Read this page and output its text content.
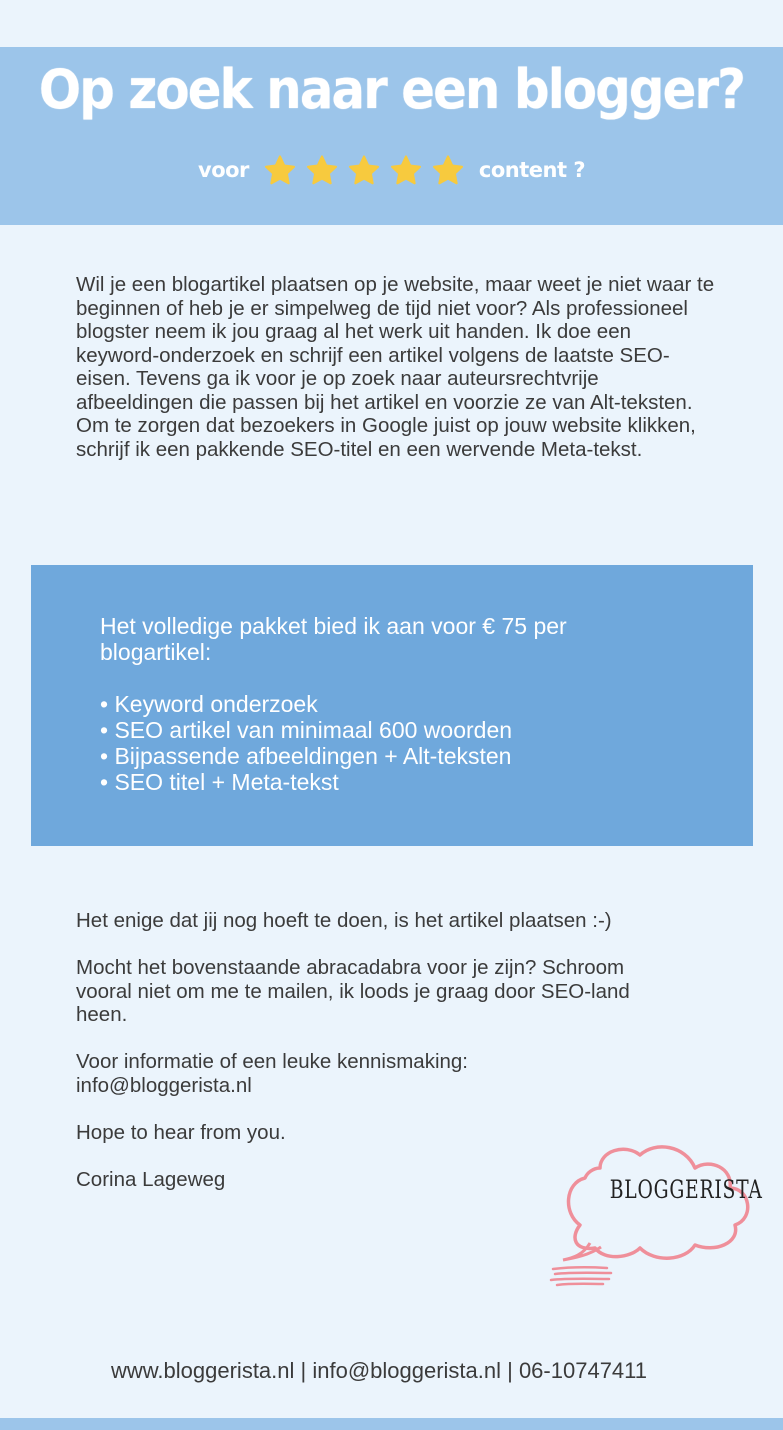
Op zoek naar een blogger?
voor	content ?
Wil je een blogartikel plaatsen op je website, maar weet je niet waar te beginnen of heb je er simpelweg de tijd niet voor? Als professioneel blogster neem ik jou graag al het werk uit handen. Ik doe een keyword-onderzoek en schrijf een artikel volgens de laatste SEO-eisen. Tevens ga ik voor je op zoek naar auteursrechtvrije afbeeldingen die passen bij het artikel en voorzie ze van Alt-teksten. Om te zorgen dat bezoekers in Google juist op jouw website klikken, schrijf ik een pakkende SEO-titel en een wervende Meta-tekst.
Het volledige pakket bied ik aan voor € 75 per blogartikel:
• Keyword onderzoek
• SEO artikel van minimaal 600 woorden
• Bijpassende afbeeldingen + Alt-teksten
• SEO titel + Meta-tekst

Het enige dat jij nog hoeft te doen, is het artikel plaatsen :-)

Mocht het bovenstaande abracadabra voor je zijn? Schroom vooral niet om me te mailen, ik loods je graag door SEO-land heen.

Voor informatie of een leuke kennismaking: info@bloggerista.nl

Hope to hear from you.

Corina Lageweg	BLOGGERISTA
www.bloggerista.nl | info@bloggerista.nl | 06-10747411
